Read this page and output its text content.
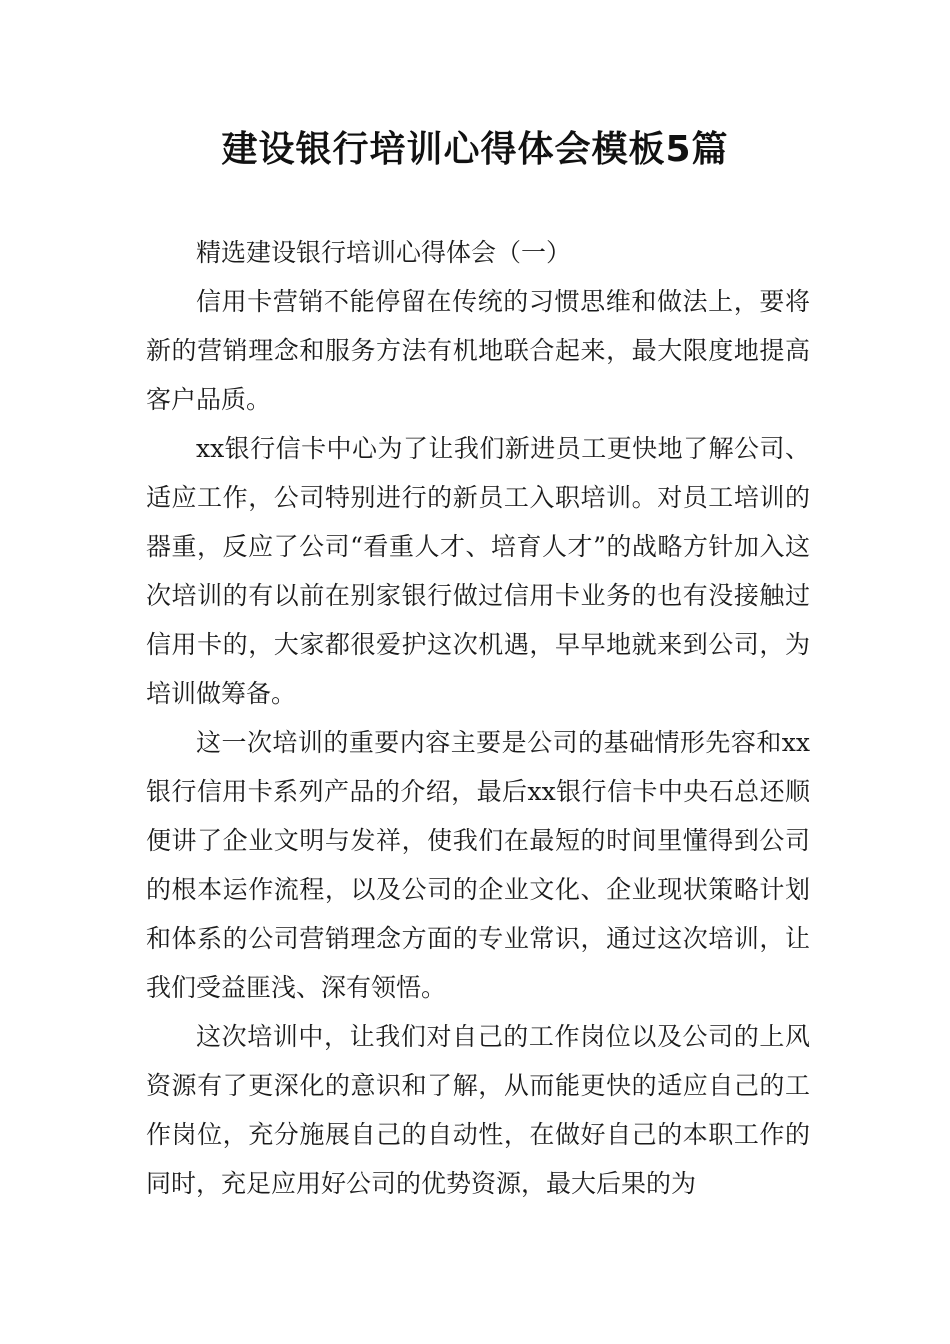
建设银行培训心得体会模板5篇

精选建设银行培训心得体会（一）

信用卡营销不能停留在传统的习惯思维和做法上，要将新的营销理念和服务方法有机地联合起来，最大限度地提高客户品质。

xx银行信卡中心为了让我们新进员工更快地了解公司、适应工作，公司特别进行的新员工入职培训。对员工培训的器重，反应了公司“看重人才、培育人才”的战略方针加入这次培训的有以前在别家银行做过信用卡业务的也有没接触过信用卡的，大家都很爱护这次机遇，早早地就来到公司，为培训做筹备。

这一次培训的重要内容主要是公司的基础情形先容和xx银行信用卡系列产品的介绍，最后xx银行信卡中央石总还顺便讲了企业文明与发祥，使我们在最短的时间里懂得到公司的根本运作流程，以及公司的企业文化、企业现状策略计划和体系的公司营销理念方面的专业常识，通过这次培训，让我们受益匪浅、深有领悟。

这次培训中，让我们对自己的工作岗位以及公司的上风资源有了更深化的意识和了解，从而能更快的适应自己的工作岗位，充分施展自己的自动性，在做好自己的本职工作的同时，充足应用好公司的优势资源，最大后果的为
